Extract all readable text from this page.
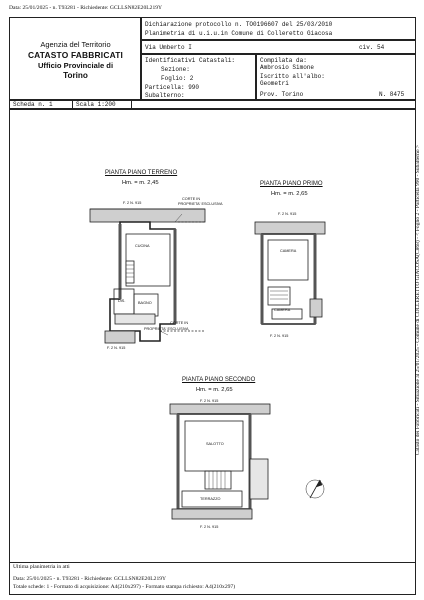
Data: 25/01/2025 - n. T93281 - Richiedente: GCLLSN82E20L219Y
Agenzia del Territorio
CATASTO FABBRICATI
Ufficio Provinciale di
Torino
Dichiarazione protocollo n. TO0196607 del 25/03/2010
Planimetria di u.i.u.in Comune di Colleretto Giacosa
Via Umberto I	civ. 54
Identificativi Catastali:
Sezione:
Foglio: 2
Particella: 990
Subalterno:
Compilata da:
Ambrosio Simone
Iscritto all'albo:
Geometri
Prov. Torino	N. 8475
Scheda n. 1	Scala 1:200
PIANTA PIANO TERRENO
Hm. = m. 2,45	PIANTA PIANO PRIMO
Hm. = m. 2,65
PIANTA PIANO SECONDO
Hm. = m. 2,65
CUCINA
BAGNO
DIS.
CAMERA
CAMERA
SALOTTO
TERRAZZO
CORTE IN
PROPRIETA' ESCLUSIVA
CORTE IN
PROPRIETA' ESCLUSIVA
F. 2 N. 915
F. 2 N. 915
F. 2 N. 915
F. 2 N. 915
F. 2 N. 915
F. 2 N. 915
Ultima planimetria in atti
Data: 25/01/2025 - n. T93281 - Richiedente: GCLLSN82E20L219Y
Totale schede: 1 - Formato di acquisizione: A4(210x297) - Formato stampa richiesto: A4(210x297)
Catasto dei Fabbricati - Situazione al 25/01/2025 - Comune di COLLERETTO GIACOSA(C868) - < Foglio 2 - Particella 990 - Subalterno >
